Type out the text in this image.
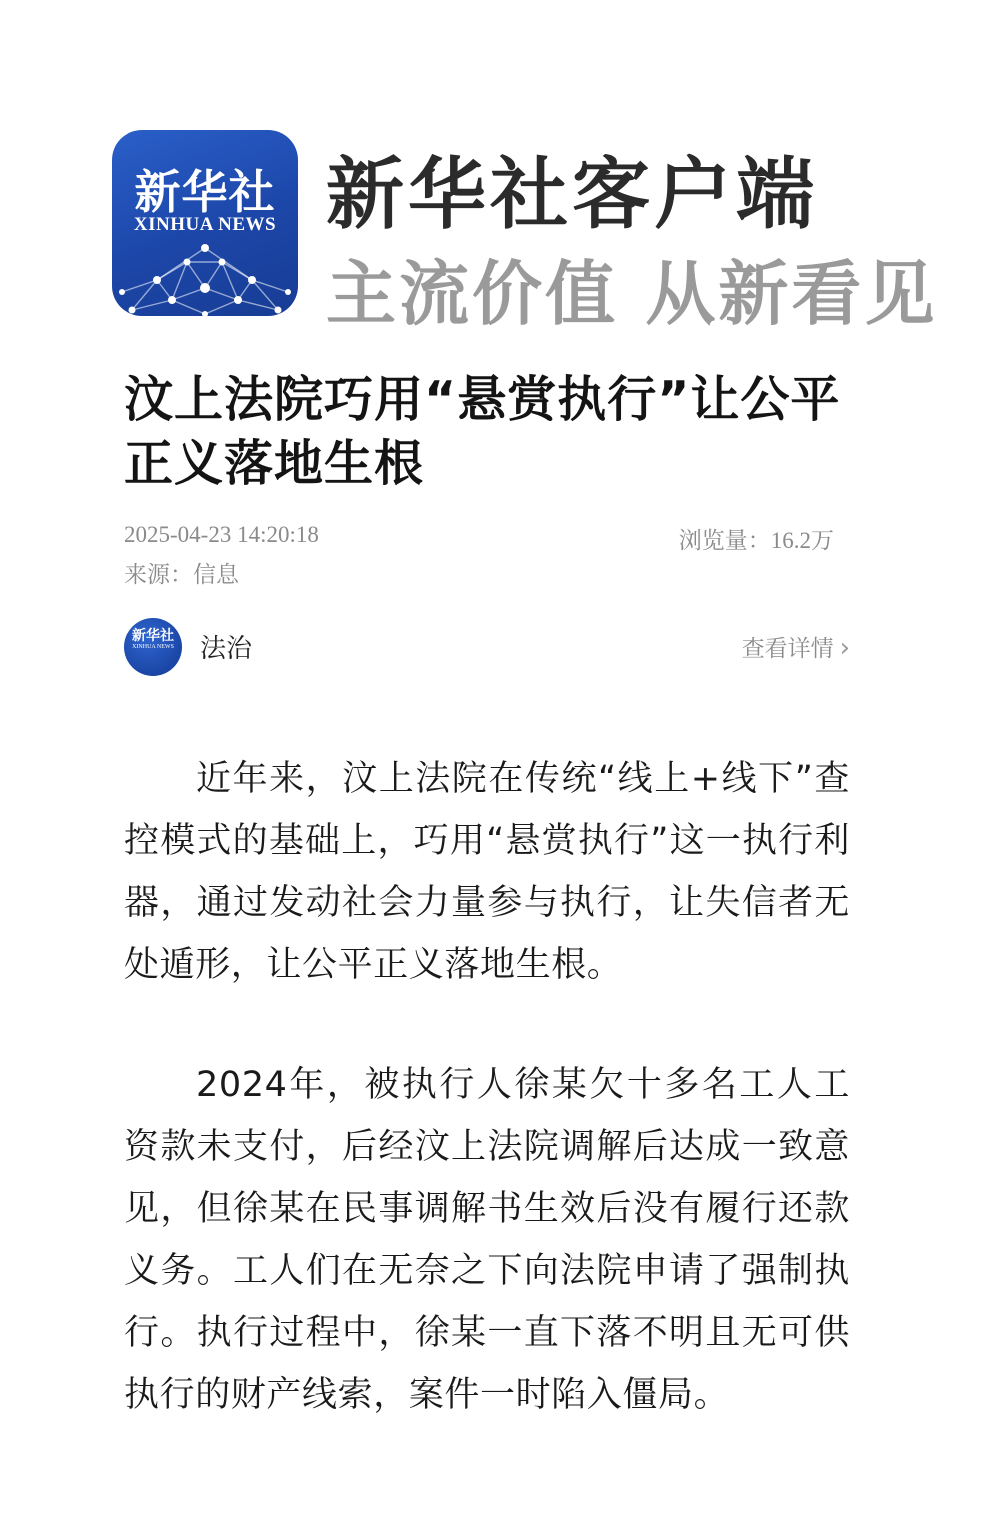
新华社
XINHUA NEWS 新华社客户端
主流价值 从新看见
汶上法院巧用“悬赏执行”让公平正义落地生根
2025-04-23 14:20:18	浏览量：16.2万
来源：信息
新华社
XINHUA NEWS	法治	查看详情 ›

近年来，汶上法院在传统“线上+线下”查控模式的基础上，巧用“悬赏执行”这一执行利器，通过发动社会力量参与执行，让失信者无处遁形，让公平正义落地生根。

2024年，被执行人徐某欠十多名工人工资款未支付，后经汶上法院调解后达成一致意见，但徐某在民事调解书生效后没有履行还款义务。工人们在无奈之下向法院申请了强制执行。执行过程中，徐某一直下落不明且无可供执行的财产线索，案件一时陷入僵局。
